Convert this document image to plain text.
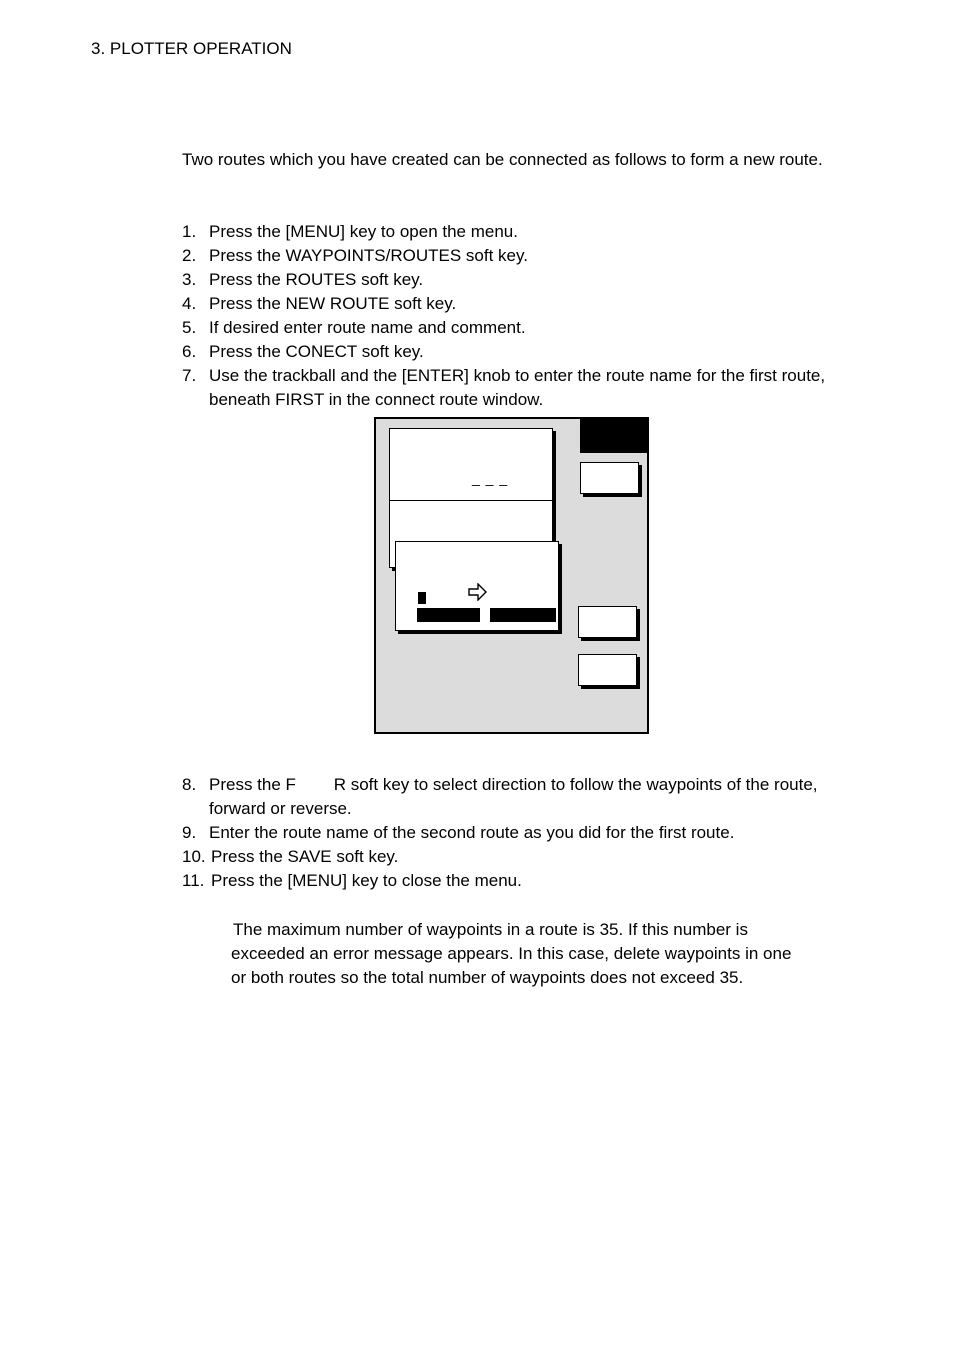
3. PLOTTER OPERATION
Two routes which you have created can be connected as follows to form a new route.
1. Press the [MENU] key to open the menu.
2. Press the WAYPOINTS/ROUTES soft key.
3. Press the ROUTES soft key.
4. Press the NEW ROUTE soft key.
5. If desired enter route name and comment.
6. Press the CONECT soft key.
7. Use the trackball and the [ENTER] knob to enter the route name for the first route, beneath FIRST in the connect route window.
_ _ _
8. Press the F        R soft key to select direction to follow the waypoints of the route, forward or reverse.
9. Enter the route name of the second route as you did for the first route.
10. Press the SAVE soft key.
11. Press the [MENU] key to close the menu.
The maximum number of waypoints in a route is 35. If this number is
exceeded an error message appears. In this case, delete waypoints in one
or both routes so the total number of waypoints does not exceed 35.
